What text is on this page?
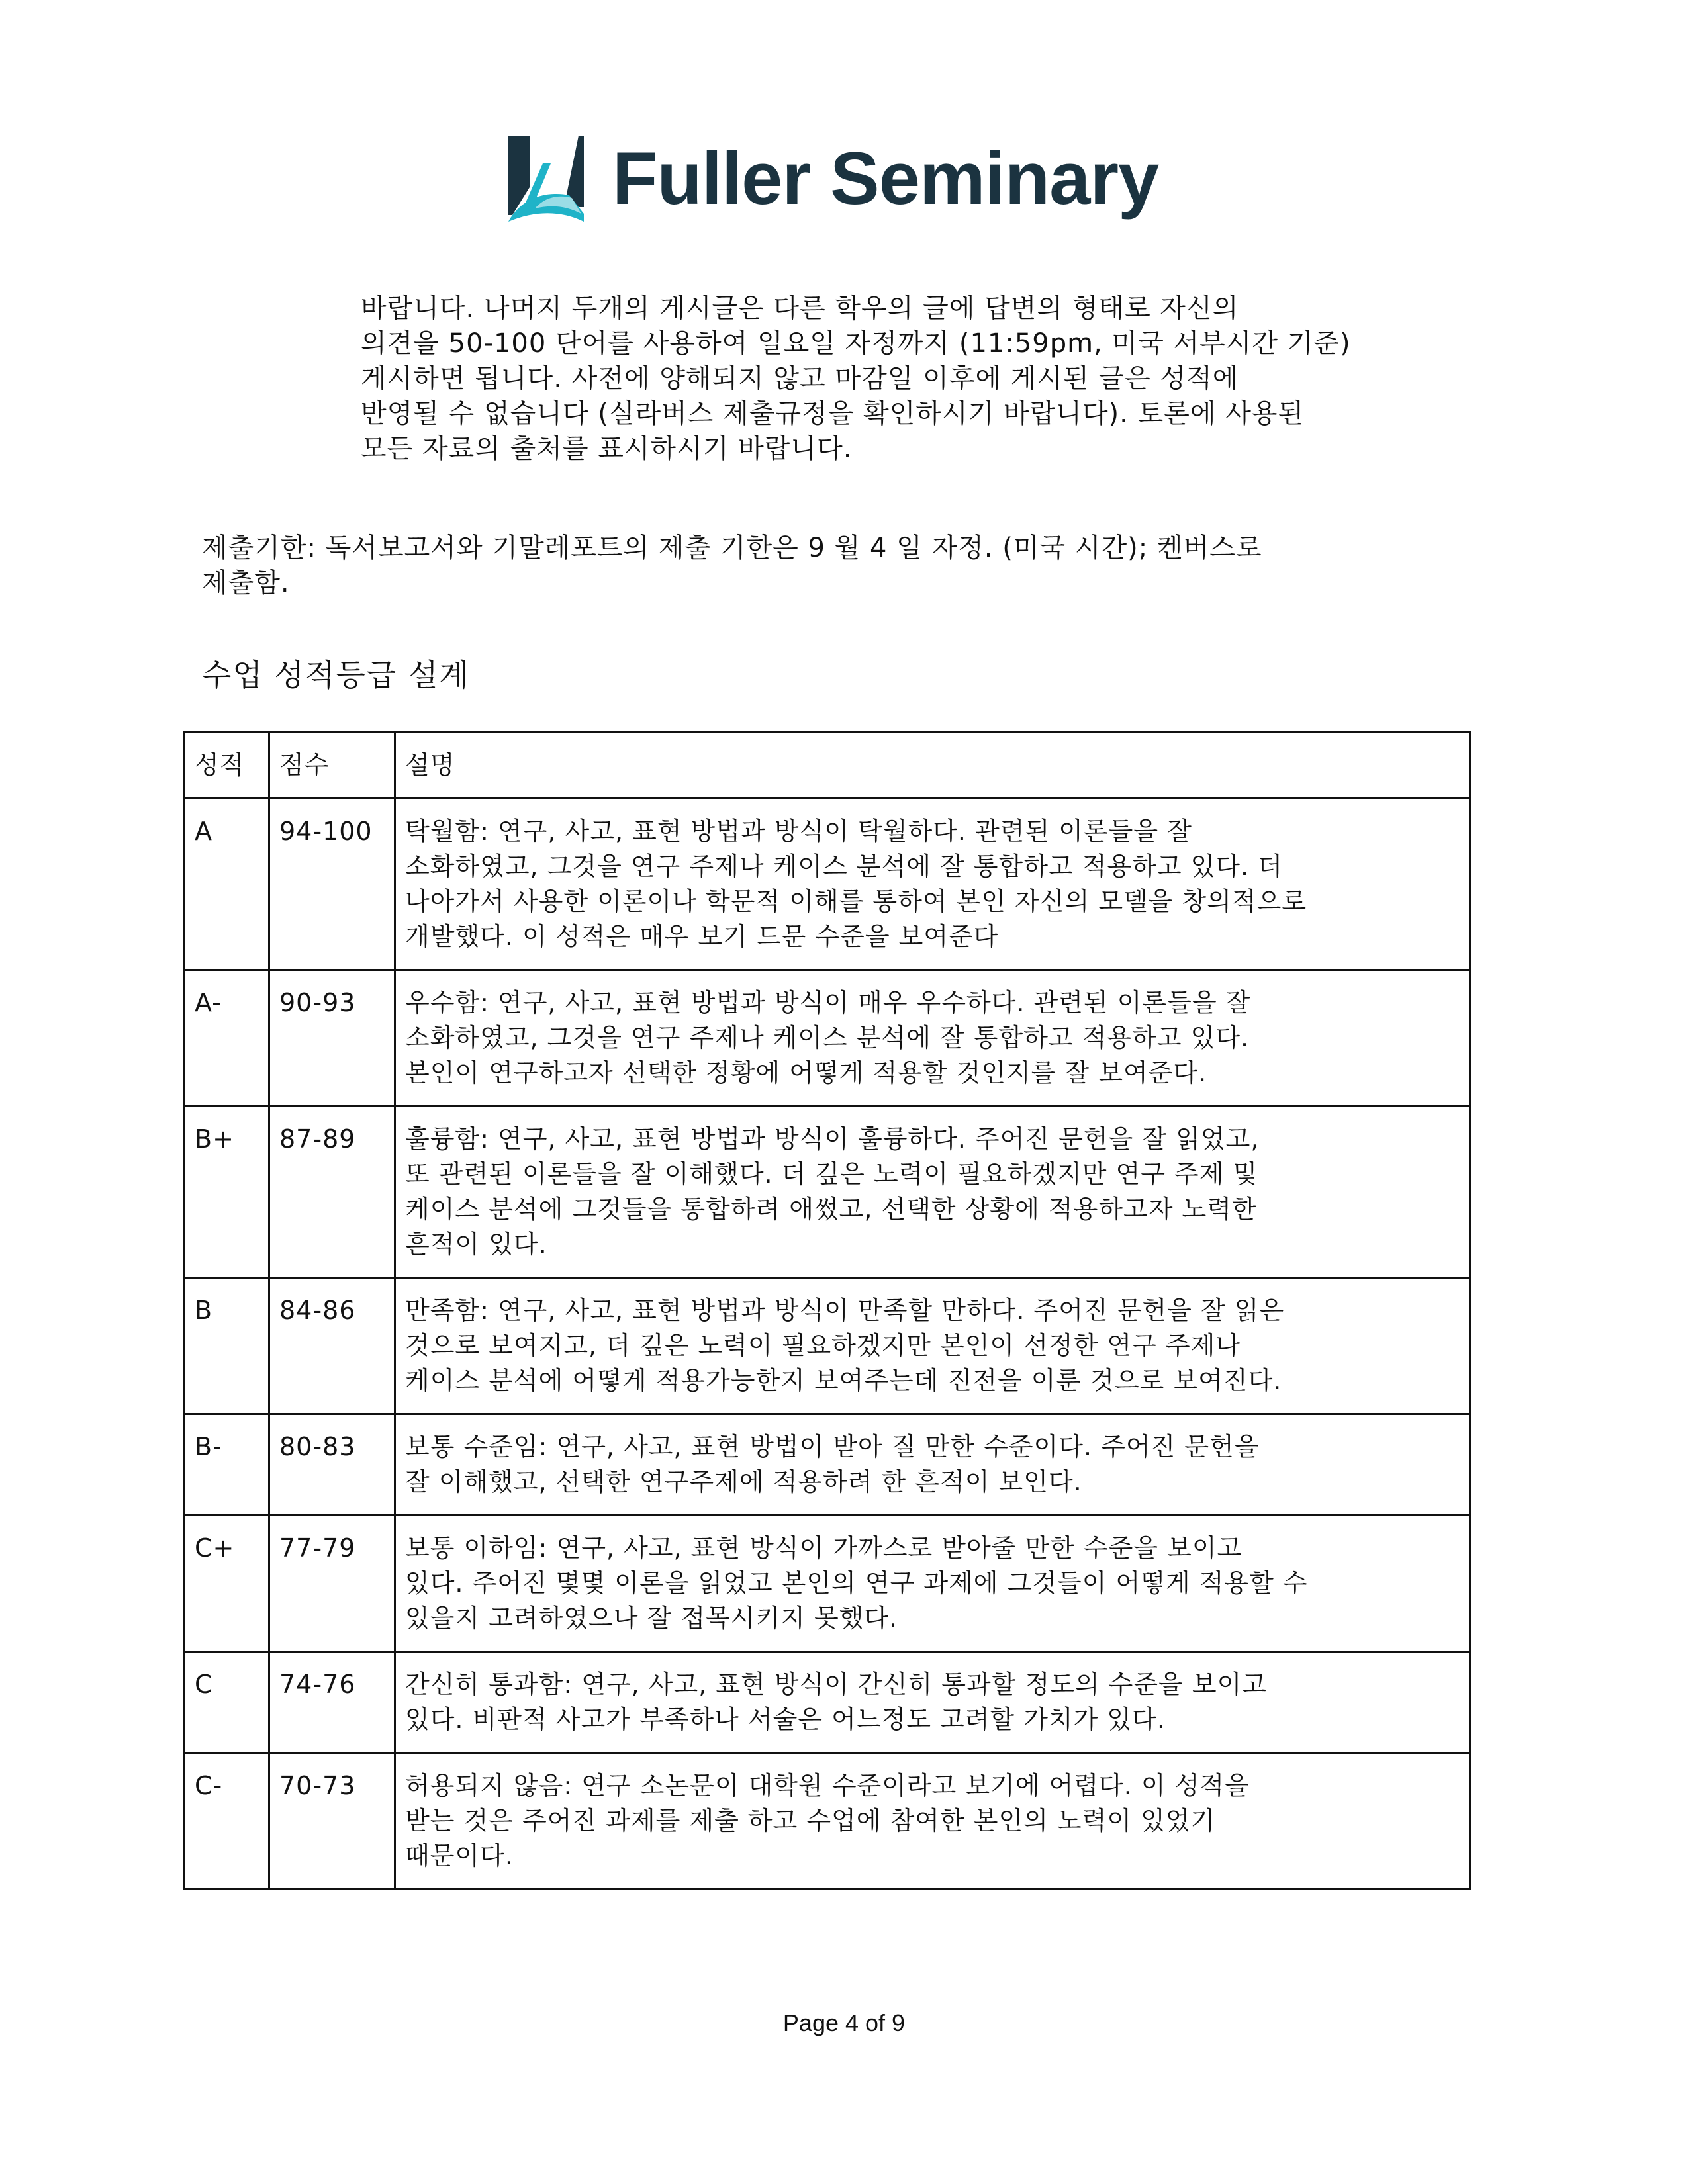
Fuller Seminary
바랍니다. 나머지 두개의 게시글은 다른 학우의 글에 답변의 형태로 자신의
의견을 50-100 단어를 사용하여 일요일 자정까지 (11:59pm, 미국 서부시간 기준)
게시하면 됩니다. 사전에 양해되지 않고 마감일 이후에 게시된 글은 성적에
반영될 수 없습니다 (실라버스 제출규정을 확인하시기 바랍니다). 토론에 사용된
모든 자료의 출처를 표시하시기 바랍니다.
제출기한: 독서보고서와 기말레포트의 제출 기한은 9 월 4 일 자정. (미국 시간); 켄버스로
제출함.
수업 성적등급 설계
성적	점수	설명
A	94-100	탁월함: 연구, 사고, 표현 방법과 방식이 탁월하다. 관련된 이론들을 잘
소화하였고, 그것을 연구 주제나 케이스 분석에 잘 통합하고 적용하고 있다. 더
나아가서 사용한 이론이나 학문적 이해를 통하여 본인 자신의 모델을 창의적으로
개발했다. 이 성적은 매우 보기 드문 수준을 보여준다

A-	90-93	우수함: 연구, 사고, 표현 방법과 방식이 매우 우수하다. 관련된 이론들을 잘
소화하였고, 그것을 연구 주제나 케이스 분석에 잘 통합하고 적용하고 있다.
본인이 연구하고자 선택한 정황에 어떻게 적용할 것인지를 잘 보여준다.

B+	87-89	훌륭함: 연구, 사고, 표현 방법과 방식이 훌륭하다. 주어진 문헌을 잘 읽었고,
또 관련된 이론들을 잘 이해했다. 더 깊은 노력이 필요하겠지만 연구 주제 및
케이스 분석에 그것들을 통합하려 애썼고, 선택한 상황에 적용하고자 노력한
흔적이 있다.

B	84-86	만족함: 연구, 사고, 표현 방법과 방식이 만족할 만하다. 주어진 문헌을 잘 읽은
것으로 보여지고, 더 깊은 노력이 필요하겠지만 본인이 선정한 연구 주제나
케이스 분석에 어떻게 적용가능한지 보여주는데 진전을 이룬 것으로 보여진다.

B-	80-83	보통 수준임: 연구, 사고, 표현 방법이 받아 질 만한 수준이다. 주어진 문헌을
잘 이해했고, 선택한 연구주제에 적용하려 한 흔적이 보인다.

C+	77-79	보통 이하임: 연구, 사고, 표현 방식이 가까스로 받아줄 만한 수준을 보이고
있다. 주어진 몇몇 이론을 읽었고 본인의 연구 과제에 그것들이 어떻게 적용할 수
있을지 고려하였으나 잘 접목시키지 못했다.

C	74-76	간신히 통과함: 연구, 사고, 표현 방식이 간신히 통과할 정도의 수준을 보이고
있다. 비판적 사고가 부족하나 서술은 어느정도 고려할 가치가 있다.

C-	70-73	허용되지 않음: 연구 소논문이 대학원 수준이라고 보기에 어렵다. 이 성적을
받는 것은 주어진 과제를 제출 하고 수업에 참여한 본인의 노력이 있었기
때문이다.
Page 4 of 9
